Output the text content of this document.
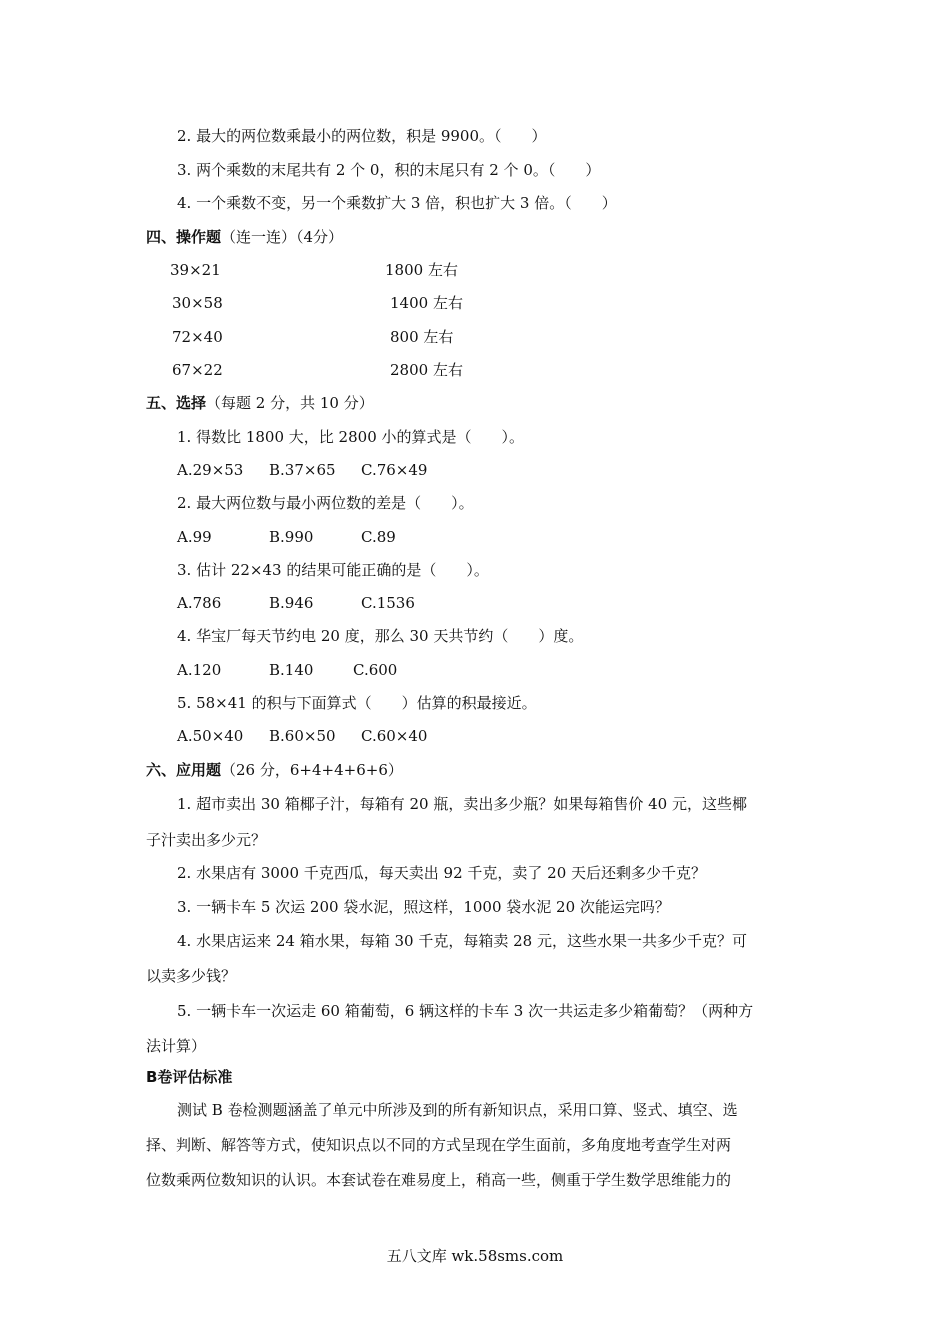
2. 最大的两位数乘最小的两位数，积是 9900。（　　）
3. 两个乘数的末尾共有 2 个 0，积的末尾只有 2 个 0。（　　）
4. 一个乘数不变，另一个乘数扩大 3 倍，积也扩大 3 倍。（　　）
四、操作题（连一连）（4分）
39×21	1800 左右
30×58	1400 左右
72×40	800 左右
67×22	2800 左右
五、选择（每题 2 分，共 10 分）
1. 得数比 1800 大，比 2800 小的算式是（　　）。
A.29×53 B.37×65 C.76×49
2. 最大两位数与最小两位数的差是（　　）。
A.99	B.990	C.89
3. 估计 22×43 的结果可能正确的是（　　）。
A.786	B.946	C.1536
4. 华宝厂每天节约电 20 度，那么 30 天共节约（　　）度。
A.120	B.140	C.600
5. 58×41 的积与下面算式（　　）估算的积最接近。
A.50×40 B.60×50 C.60×40
六、应用题（26 分，6+4+4+6+6）
1. 超市卖出 30 箱椰子汁，每箱有 20 瓶，卖出多少瓶？如果每箱售价 40 元，这些椰
子汁卖出多少元？
2. 水果店有 3000 千克西瓜，每天卖出 92 千克，卖了 20 天后还剩多少千克？
3. 一辆卡车 5 次运 200 袋水泥，照这样，1000 袋水泥 20 次能运完吗？
4. 水果店运来 24 箱水果，每箱 30 千克，每箱卖 28 元，这些水果一共多少千克？可
以卖多少钱？
5. 一辆卡车一次运走 60 箱葡萄，6 辆这样的卡车 3 次一共运走多少箱葡萄？（两种方
法计算）
B卷评估标准
测试 B 卷检测题涵盖了单元中所涉及到的所有新知识点，采用口算、竖式、填空、选
择、判断、解答等方式，使知识点以不同的方式呈现在学生面前，多角度地考查学生对两
位数乘两位数知识的认识。本套试卷在难易度上，稍高一些，侧重于学生数学思维能力的
五八文库 wk.58sms.com
